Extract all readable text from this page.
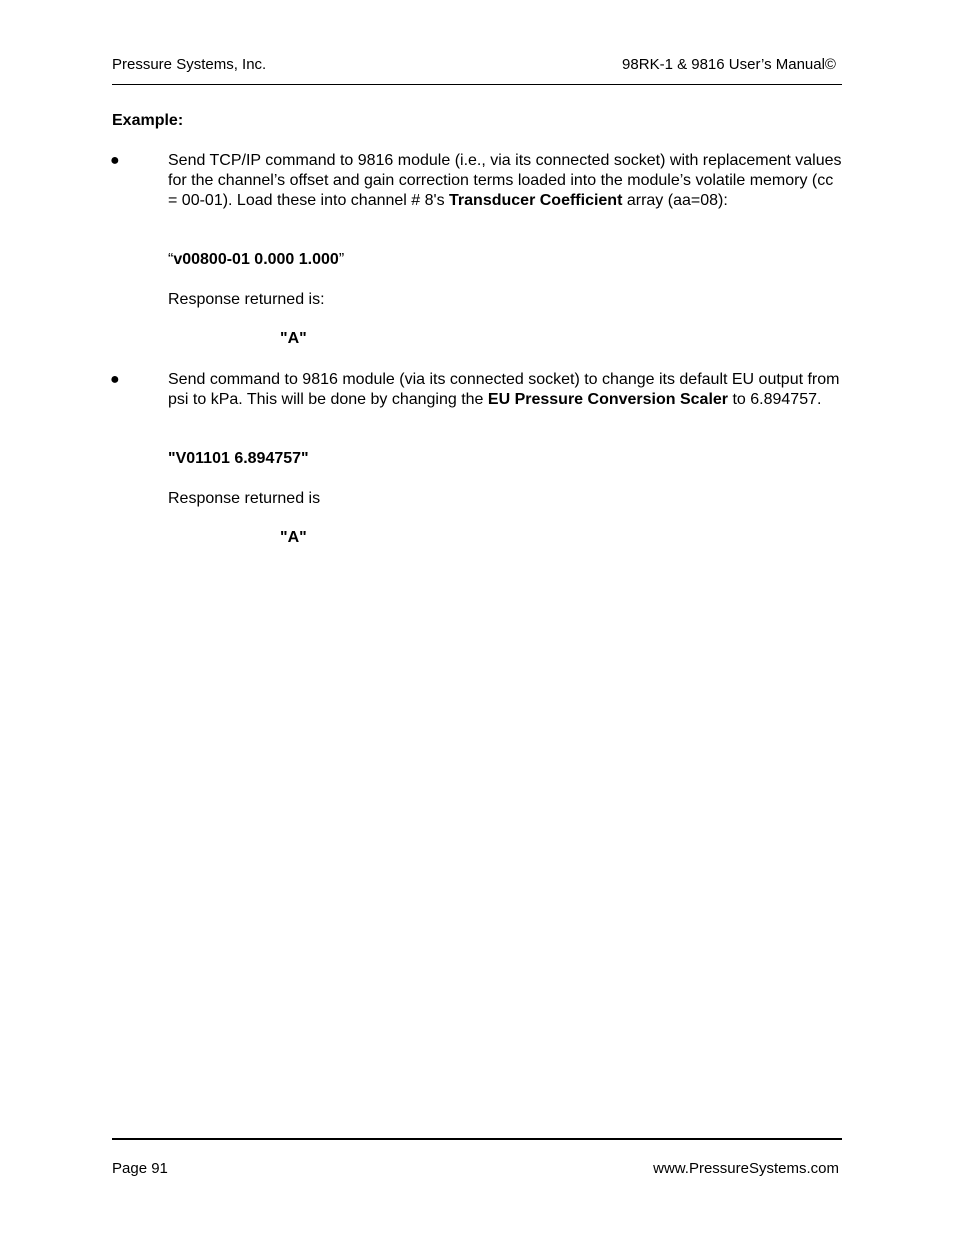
Pressure Systems, Inc.	98RK-1 & 9816 User’s Manual©
Example:
●	Send TCP/IP command to 9816 module (i.e., via its connected socket) with replacement values for the channel’s offset and gain correction terms loaded into the module’s volatile memory (cc = 00-01). Load these into channel # 8's Transducer Coefficient array (aa=08):
“v00800-01 0.000 1.000”
Response returned is:
"A"
●	Send command to 9816 module (via its connected socket) to change its default EU output from psi to kPa. This will be done by changing the EU Pressure Conversion Scaler to 6.894757.
"V01101 6.894757"
Response returned is
"A"
Page 91	www.PressureSystems.com
